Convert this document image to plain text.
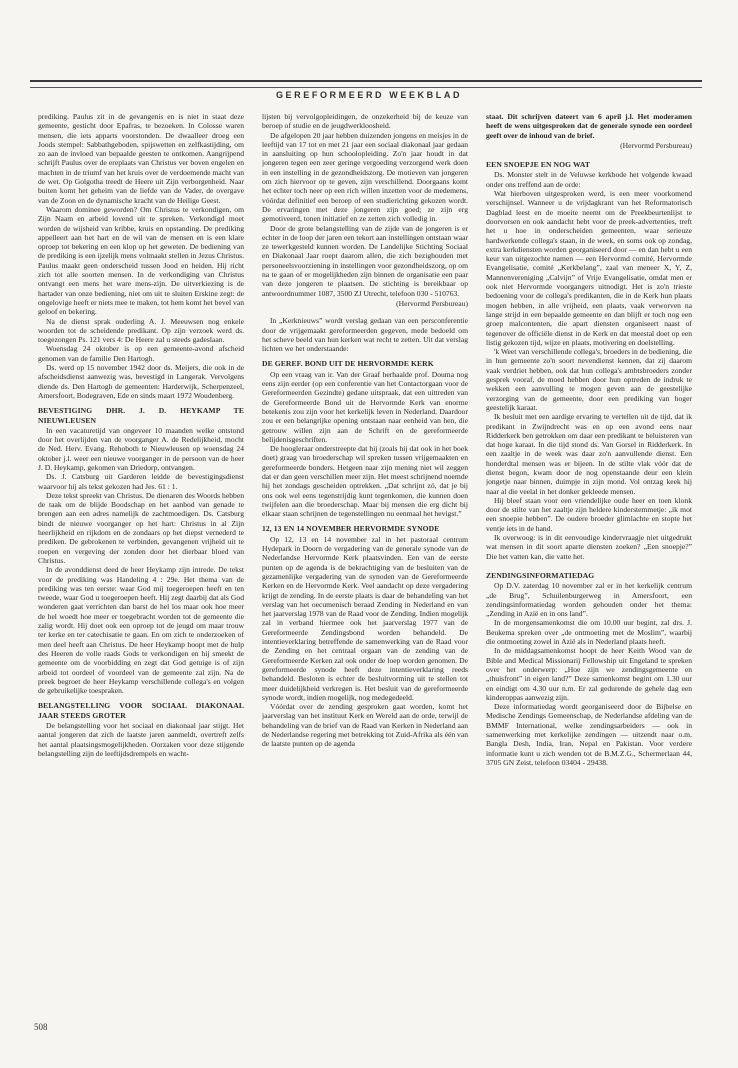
GEREFORMEERD WEEKBLAD

prediking. Paulus zit in de gevangenis en is niet in staat deze gemeente, gesticht door Epafras, te bezoeken. In Colosse waren mensen, die iets apparts voorstonden. De dwaalleer droeg een Joods stempel: Sabbathgeboden, spijswetten en zelfkastijding, om zo aan de invloed van bepaalde geesten te ontkomen. Aangrijpend schrijft Paulus over de ereplaats van Christus ver boven engelen en machten in de triumf van het kruis over de verdoemende macht van de wet. Op Golgotha treedt de Heere uit Zijn verborgenheid. Naar buiten komt het geheim van de liefde van de Vader, de overgave van de Zoon en de dynamische kracht van de Heilige Geest.

Waarom dominee geworden? Om Christus te verkondigen, om Zijn Naam en arbeid lovend uit te spreken. Verkondigd moet worden de wijsheid van kribbe, kruis en opstanding. De prediking appelleert aan het hart en de wil van de mensen en is een klare oproep tot bekering en een klop op het geweten. De bediening van de prediking is een ijzelijk mens volmaakt stellen in Jezus Christus. Paulus maakt geen onderscheid tussen Jood en heiden. Hij richt zich tot alle soorten mensen. In de verkondiging van Christus ontvangt een mens het ware mens-zijn. De uitverkiezing is de hartader van onze bediening, niet om uit te sluiten Erskine zegt: de ongelovige heeft er niets mee te maken, tot hem komt het bevel van geloof en bekering.

Na de dienst sprak ouderling A. J. Meeuwsen nog enkele woorden tot de scheidende predikant. Op zijn verzoek werd ds. toegezongen Ps. 121 vers 4: De Heere zal u steeds gadeslaan.

Woensdag 24 oktober is op een gemeente-avond afscheid genomen van de familie Den Hartogh.

Ds. werd op 15 november 1942 door ds. Meijers, die ook in de afscheidsdienst aanwezig was, bevestigd in Langerak. Vervolgens diende ds. Den Hartogh de gemeenten: Harderwijk, Scherpenzeel, Amersfoort, Bodegraven, Ede en sinds maart 1972 Woudenberg.

BEVESTIGING DHR. J. D. HEYKAMP TE NIEUWLEUSEN

In een vacaturetijd van ongeveer 10 maanden welke ontstond door het overlijden van de voorganger A. de Redelijkheid, mocht de Ned. Herv. Evang. Rehoboth te Nieuwleusen op woensdag 24 oktober j.l. weer een nieuwe voorganger in de persoon van de heer J. D. Heykamp, gekomen van Driedorp, ontvangen.

Ds. J. Catsburg uit Garderen leidde de bevestigingsdienst waarvoor hij als tekst gekozen had Jes. 61 : 1.

Deze tekst spreekt van Christus. De dienaren des Woords hebben de taak om de blijde Boodschap en het aanbod van genade te brengen aan een adres namelijk de zachtmoedigen. Ds. Catsburg bindt de nieuwe voorganger op het hart: Christus in al Zijn heerlijkheid en rijkdom en de zondaars op het diepst vernederd te prediken. De gebrokenen te verbinden, gevangenen vrijheid uit te roepen en vergeving der zonden door het dierbaar bloed van Christus.

In de avonddienst deed de heer Heykamp zijn intrede. De tekst voor de prediking was Handeling 4 : 29e. Het thema van de prediking was ten eerste: waar God mij toegeroepen heeft en ten tweede, waar God u toegeroepen heeft. Hij zegt daarbij dat als God wonderen gaat verrichten dan barst de hel los maar ook hoe meer de hel woedt hoe meer er toegebracht worden tot de gemeente die zalig wordt. Hij doet ook een oproep tot de jeugd om maar trouw ter kerke en ter catechisatie te gaan. En om zich te onderzoeken of men deel heeft aan Christus. De heer Heykamp hoopt met de hulp des Heeren de volle raads Gods te verkondigen en hij smeekt de gemeente om de voorbidding en zegt dat God getuige is of zijn arbeid tot oordeel of voordeel van de gemeente zal zijn. Na de preek begroet de heer Heykamp verschillende collega's en volgen de gebruikelijke toespraken.

BELANGSTELLING VOOR SOCIAAL DIAKONAAL JAAR STEEDS GROTER

De belangstelling voor het sociaal en diakonaal jaar stijgt. Het aantal jongeren dat zich de laatste jaren aanmeldt, overtreft zelfs het aantal plaatsingsmogelijkheden. Oorzaken voor deze stijgende belangstelling zijn de leeftijdsdrempels en wacht-

lijsten bij vervolgopleidingen, de onzekerheid bij de keuze van beroep of studie en de jeugdwerkloosheid.

De afgelopen 20 jaar hebben duizenden jongens en meisjes in de leeftijd van 17 tot en met 21 jaar een sociaal diakonaal jaar gedaan in aansluiting op hun schoolopleiding. Zo'n jaar houdt in dat jongeren tegen een zeer geringe vergoeding verzorgend werk doen in een instelling in de gezondheidszorg. De motieven van jongeren om zich hiervoor op te geven, zijn verschillend. Doorgaans komt het echter toch neer op een rich willen inzetten voor de medemens, vóórdat definitief een beroep of een studierichting gekozen wordt. De ervaringen met deze jongeren zijn goed; ze zijn erg gemotiveerd, tonen initiatief en ze zetten zich volledig in.

Door de grote belangstelling van de zijde van de jongeren is er echter in de loop der jaren een tekort aan instellingen ontstaan waar ze tewerkgesteld kunnen worden. De Landelijke Stichting Sociaal en Diakonaal Jaar roept daarom allen, die zich bezighouden met personeelsvoorziening in instellingen voor gezondheidszorg, op om na te gaan of er mogelijkheden zijn binnen de organisatie een paar van deze jongeren te plaatsen. De stichting is bereikbaar op antwoordnummer 1087, 3500 ZJ Utrecht, telefoon 030 - 510763.

(Hervormd Persbureau)

In „Kerknieuws” wordt verslag gedaan van een persconferentie door de vrijgemaakt gereformeerden gegeven, mede bedoeld om het scheve beeld van hun kerken wat recht te zetten. Uit dat verslag lichten we het onderstaande:

DE GEREF. BOND UIT DE HERVORMDE KERK

Op een vraag van ir. Van der Graaf herhaalde prof. Douma nog eens zijn eerder (op een conferentie van het Contactorgaan voor de Gereformeerden Gezindte) gedane uitspraak, dat een uittreden van de Gereformeerde Bond uit de Hervormde Kerk van enorme betekenis zou zijn voor het kerkelijk leven in Nederland. Daardoor zou er een belangrijke opening ontstaan naar eenheid van hen, die getrouw willen zijn aan de Schrift en de gereformeerde belijdenisgeschriften.

De hoogleraar onderstreepte dat hij (zoals hij dat ook in het boek doet) graag van broederschap wil spreken tussen vrijgemaakten en gereformeerde bonders. Hetgeen naar zijn mening niet wil zeggen dat er dan geen verschillen meer zijn. Het meest schrijnend noemde hij het zondags gescheiden optrekken. „Dat schrijnt zó, dat je bij ons ook wel eens tegenstrijdig kunt tegenkomen, die kunnen doen twijfelen aan die broederschap. Maar bij mensen die erg dicht bij elkaar staan schrijnen de tegenstellingen nu eenmaal het hevigst.”

12, 13 EN 14 NOVEMBER HERVORMDE SYNODE

Op 12, 13 en 14 november zal in het pastoraal centrum Hydepark in Doorn de vergadering van de generale synode van de Nederlandse Hervormde Kerk plaatsvinden. Een van de eerste punten op de agenda is de bekrachtiging van de besluiten van de gezamenlijke vergadering van de synoden van de Gereformeerde Kerken en de Hervormde Kerk. Veel aandacht op deze vergadering krijgt de zending. In de eerste plaats is daar de behandeling van het verslag van het oecumenisch beraad Zending in Nederland en van het jaarverslag 1978 van de Raad voor de Zending. Indien mogelijk zal in verband hiermee ook het jaarverslag 1977 van de Gereformeerde Zendingsbond worden behandeld. De intentieverklaring betreffende de samenwerking van de Raad voor de Zending en het centraal orgaan van de zending van de Gereformeerde Kerken zal ook onder de loep worden genomen. De gereformeerde synode heeft deze intentieverklaring reeds behandeld. Besloten is echter de besluitvorming uit te stellen tot meer duidelijkheid verkregen is. Het besluit van de gereformeerde synode wordt, indien mogelijk, nog medegedeeld.

Vóórdat over de zending gesproken gaat worden, komt het jaarverslag van het instituut Kerk en Wereld aan de orde, terwijl de behandeling van de brief van de Raad van Kerken in Nederland aan de Nederlandse regering met betrekking tot Zuid-Afrika als één van de laatste punten op de agenda

staat. Dit schrijven dateert van 6 april j.l. Het moderamen heeft de wens uitgesproken dat de generale synode een oordeel geeft over de inhoud van de brief.

(Hervormd Persbureau)

EEN SNOEPJE EN NOG WAT

Ds. Monster stelt in de Veluwse kerkbode het volgende kwaad onder ons treffend aan de orde:

Wat hierboven uitgesproken werd, is een meer voorkomend verschijnsel. Wanneer u de vrijdagkrant van het Reformatorisch Dagblad leest en de moeite neemt om de Preekbeurtenlijst te doorvorsen en ook aandacht hebt voor de preek-advertenties, treft het u hoe in onderscheiden gemeenten, waar serieuze hardwerkende collega's staan, in de week, en soms ook op zondag, extra kerkdiensten worden georganiseerd door — en dan hebt u een keur van uitgezochte namen — een Hervormd comité, Hervormde Evangelisatie, comité „Kerkbelang”, zaal van meneer X, Y, Z, Mannenvereniging „Calvijn” of Vrije Evangelisatie, omdat men er ook niet Hervormde voorgangers uitnodigt. Het is zo'n trieste bedoening voor de collega's predikanten, die in de Kerk hun plaats mogen hebben, in alle vrijheid, een plaats, vaak verworven na lange strijd in een bepaalde gemeente en dan blijft er toch nog een groep malcontenten, die apart diensten organiseert naast of tegenover de officiële dienst in de Kerk en dat meestal doet op een listig gekozen tijd, wijze en plaats, motivering en doelstelling.

'k Weet van verschillende collega's, broeders in de bediening, die in hun gemeente zo'n soort nevendienst kennen, dat zij daarom vaak verdriet hebben, ook dat hun collega's ambtsbroeders zonder gesprek vooraf, de moed hebben door hun optreden de indruk te wekken een aanvulling te mogen geven aan de geestelijke verzorging van de gemeente, door een prediking van hoger geestelijk karaat.

Ik besluit met een aardige ervaring te vertellen uit de tijd, dat ik predikant in Zwijndrecht was en op een avond eens naar Ridderkerk ben getrokken om daar een predikant te beluisteren van dat hoge karaat. In die tijd stond ds. Van Gorsel in Ridderkerk. In een zaaltje in de week was daar zo'n aanvullende dienst. Een honderdtal mensen was er bijeen. In de stilte vlak vóór dat de dienst begon, kwam door de nog openstaande deur een klein jongetje naar binnen, duimpje in zijn mond. Vol ontzag keek hij naar al die veelal in het donker gekleede mensen.

Hij bleef staan voor een vriendelijke oude heer en toen klonk door de stilte van het zaaltje zijn heldere kinderstemmetje: „ik mot een snoepie hebben”. De oudere broeder glimlachte en stopte het ventje iets in de hand.

Ik overwoog: is in dit eenvoudige kindervraagje niet uitgedrukt wat mensen in dit soort aparte diensten zoeken? „Een snoepje?” Die het vatten kan, die vatte het.

ZENDINGSINFORMATIEDAG

Op D.V. zaterdag 10 november zal er in het kerkelijk centrum „de Brug”, Schuilenburgerweg in Amersfoort, een zendingsinformatiedag worden gehouden onder het thema: „Zending in Azië en in ons land”.

In de morgensamenkomst die om 10.00 uur begint, zal drs. J. Beukema spreken over „de ontmoeting met de Moslim”, waarbij die ontmoeting zowel in Azië als in Nederland plaats heeft.

In de middagsamenkomst hoopt de heer Keith Wood van de Bible and Medical Missionarij Fellowship uit Engeland te spreken over het onderwerp: „Hoe zijn we zendingsgemeente en „thuisfront” in eigen land?” Deze samenkomst begint om 1.30 uur en eindigt om 4.30 uur n.m. Er zal gedurende de gehele dag een kinderoppas aanwezig zijn.

Deze informatiedag wordt georganiseerd door de Bijbelse en Medische Zendings Gemeenschap, de Nederlandse afdeling van de BMMF International, welke zendingsarbeiders — ook in samenwerking met kerkelijke zendingen — uitzendt naar o.m. Bangla Desh, India, Iran, Nepal en Pakistan. Voor verdere informatie kunt u zich wenden tot de B.M.Z.G., Schermerlaan 44, 3705 GN Zeist, telefoon 03404 - 29438.

508
